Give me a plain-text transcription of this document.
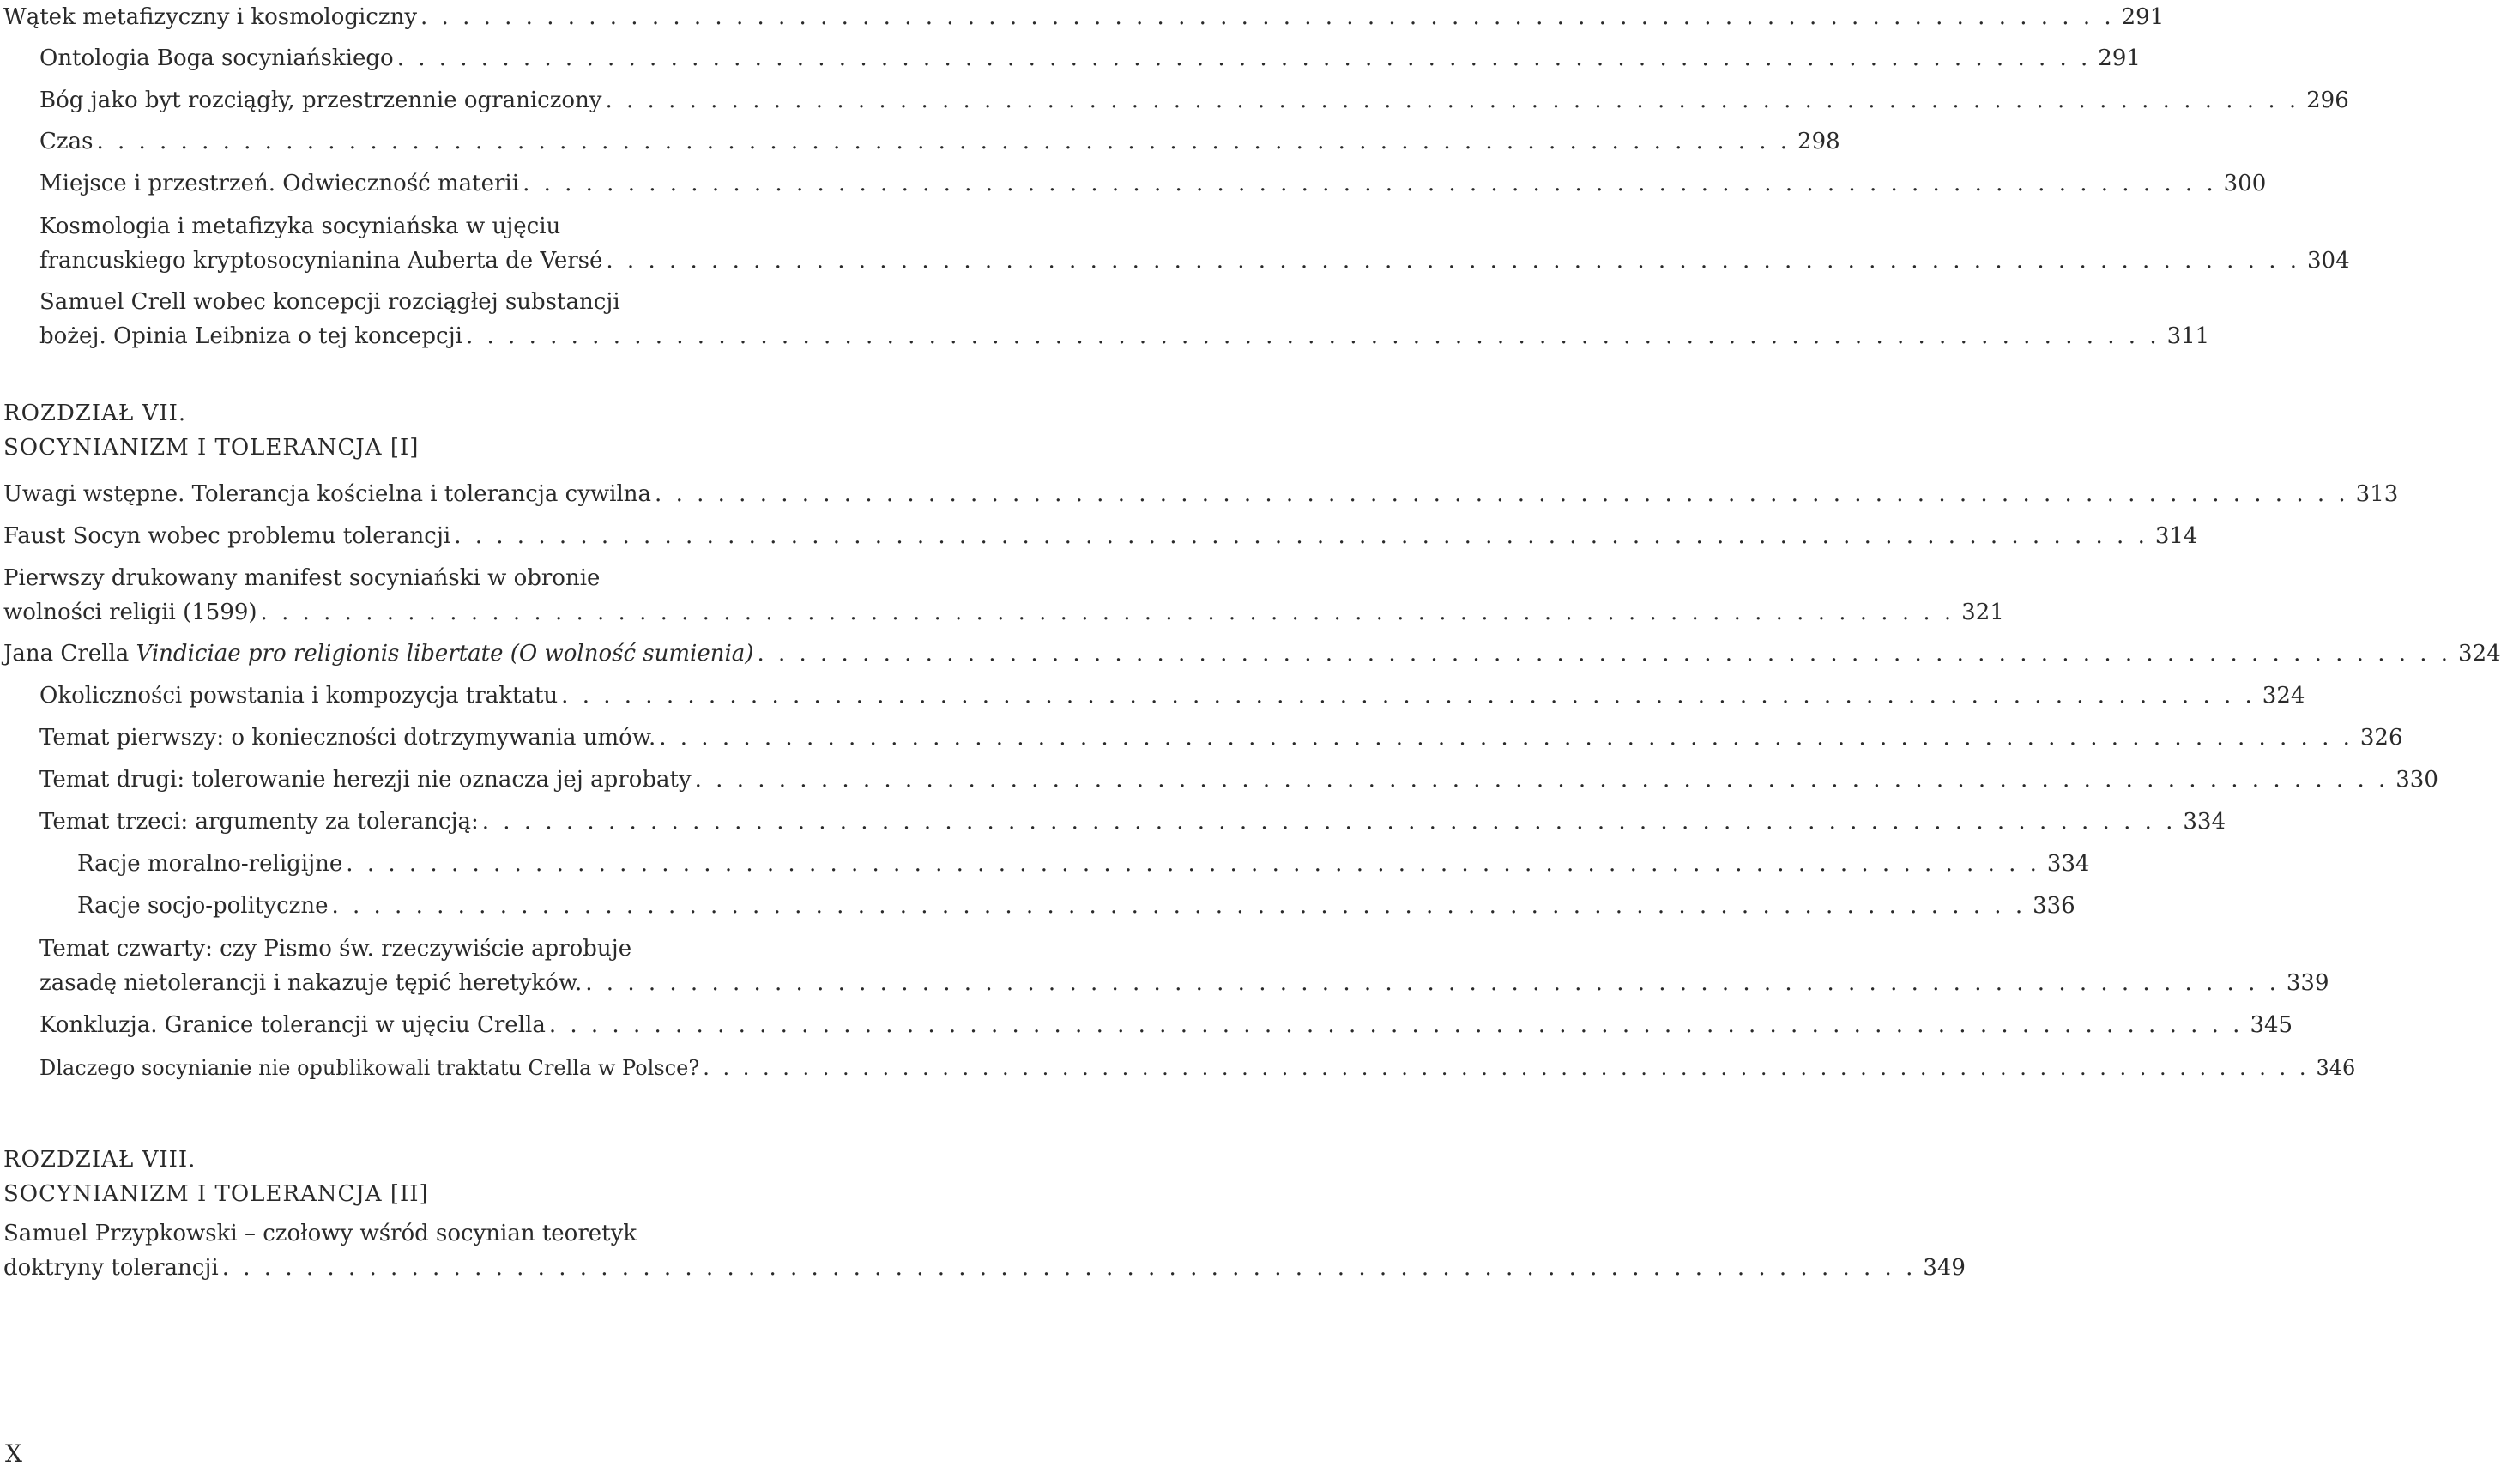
Wątek metafizyczny i kosmologiczny . . . . . . . . . . . . . . . . . . . . . . . . . . . . . . . . . . . . . . . . . . . . . . . . . . . . . . . . . . . . . . . . . . . . . . . . . . . . . . . . . 291
Ontologia Boga socyniańskiego . . . . . . . . . . . . . . . . . . . . . . . . . . . . . . . . . . . . . . . . . . . . . . . . . . . . . . . . . . . . . . . . . . . . . . . . . . . . . . . . . 291
Bóg jako byt rozciągły, przestrzennie ograniczony . . . . . . . . . . . . . . . . . . . . . . . . . . . . . . . . . . . . . . . . . . . . . . . . . . . . . . . . . . . . . . . . . . . . . . . . . . . . . . . . . 296
Czas . . . . . . . . . . . . . . . . . . . . . . . . . . . . . . . . . . . . . . . . . . . . . . . . . . . . . . . . . . . . . . . . . . . . . . . . . . . . . . . . . 298
Miejsce i przestrzeń. Odwieczność materii . . . . . . . . . . . . . . . . . . . . . . . . . . . . . . . . . . . . . . . . . . . . . . . . . . . . . . . . . . . . . . . . . . . . . . . . . . . . . . . . . 300
Kosmologia i metafizyka socyniańska w ujęciu
francuskiego kryptosocynianina Auberta de Versé . . . . . . . . . . . . . . . . . . . . . . . . . . . . . . . . . . . . . . . . . . . . . . . . . . . . . . . . . . . . . . . . . . . . . . . . . . . . . . . . . 304
Samuel Crell wobec koncepcji rozciągłej substancji
bożej. Opinia Leibniza o tej koncepcji . . . . . . . . . . . . . . . . . . . . . . . . . . . . . . . . . . . . . . . . . . . . . . . . . . . . . . . . . . . . . . . . . . . . . . . . . . . . . . . . . 311
ROZDZIAŁ VII.
SOCYNIANIZM I TOLERANCJA [I]
Uwagi wstępne. Tolerancja kościelna i tolerancja cywilna . . . . . . . . . . . . . . . . . . . . . . . . . . . . . . . . . . . . . . . . . . . . . . . . . . . . . . . . . . . . . . . . . . . . . . . . . . . . . . . . . 313
Faust Socyn wobec problemu tolerancji . . . . . . . . . . . . . . . . . . . . . . . . . . . . . . . . . . . . . . . . . . . . . . . . . . . . . . . . . . . . . . . . . . . . . . . . . . . . . . . . . 314
Pierwszy drukowany manifest socyniański w obronie
wolności religii (1599) . . . . . . . . . . . . . . . . . . . . . . . . . . . . . . . . . . . . . . . . . . . . . . . . . . . . . . . . . . . . . . . . . . . . . . . . . . . . . . . . . 321
Jana Crella Vindiciae pro religionis libertate (O wolność sumienia) . . . . . . . . . . . . . . . . . . . . . . . . . . . . . . . . . . . . . . . . . . . . . . . . . . . . . . . . . . . . . . . . . . . . . . . . . . . . . . . . . 324
Okoliczności powstania i kompozycja traktatu . . . . . . . . . . . . . . . . . . . . . . . . . . . . . . . . . . . . . . . . . . . . . . . . . . . . . . . . . . . . . . . . . . . . . . . . . . . . . . . . . 324
Temat pierwszy: o konieczności dotrzymywania umów. . . . . . . . . . . . . . . . . . . . . . . . . . . . . . . . . . . . . . . . . . . . . . . . . . . . . . . . . . . . . . . . . . . . . . . . . . . . . . . . . . 326
Temat drugi: tolerowanie herezji nie oznacza jej aprobaty . . . . . . . . . . . . . . . . . . . . . . . . . . . . . . . . . . . . . . . . . . . . . . . . . . . . . . . . . . . . . . . . . . . . . . . . . . . . . . . . . 330
Temat trzeci: argumenty za tolerancją: . . . . . . . . . . . . . . . . . . . . . . . . . . . . . . . . . . . . . . . . . . . . . . . . . . . . . . . . . . . . . . . . . . . . . . . . . . . . . . . . . 334
Racje moralno-religijne . . . . . . . . . . . . . . . . . . . . . . . . . . . . . . . . . . . . . . . . . . . . . . . . . . . . . . . . . . . . . . . . . . . . . . . . . . . . . . . . . 334
Racje socjo-polityczne . . . . . . . . . . . . . . . . . . . . . . . . . . . . . . . . . . . . . . . . . . . . . . . . . . . . . . . . . . . . . . . . . . . . . . . . . . . . . . . . . 336
Temat czwarty: czy Pismo św. rzeczywiście aprobuje
zasadę nietolerancji i nakazuje tępić heretyków. . . . . . . . . . . . . . . . . . . . . . . . . . . . . . . . . . . . . . . . . . . . . . . . . . . . . . . . . . . . . . . . . . . . . . . . . . . . . . . . . . 339
Konkluzja. Granice tolerancji w ujęciu Crella . . . . . . . . . . . . . . . . . . . . . . . . . . . . . . . . . . . . . . . . . . . . . . . . . . . . . . . . . . . . . . . . . . . . . . . . . . . . . . . . . 345
Dlaczego socynianie nie opublikowali traktatu Crella w Polsce? . . . . . . . . . . . . . . . . . . . . . . . . . . . . . . . . . . . . . . . . . . . . . . . . . . . . . . . . . . . . . . . . . . . . . . . . . . . . . . . . . 346
ROZDZIAŁ VIII.
SOCYNIANIZM I TOLERANCJA [II]
Samuel Przypkowski – czołowy wśród socynian teoretyk
doktryny tolerancji . . . . . . . . . . . . . . . . . . . . . . . . . . . . . . . . . . . . . . . . . . . . . . . . . . . . . . . . . . . . . . . . . . . . . . . . . . . . . . . . . 349
X
